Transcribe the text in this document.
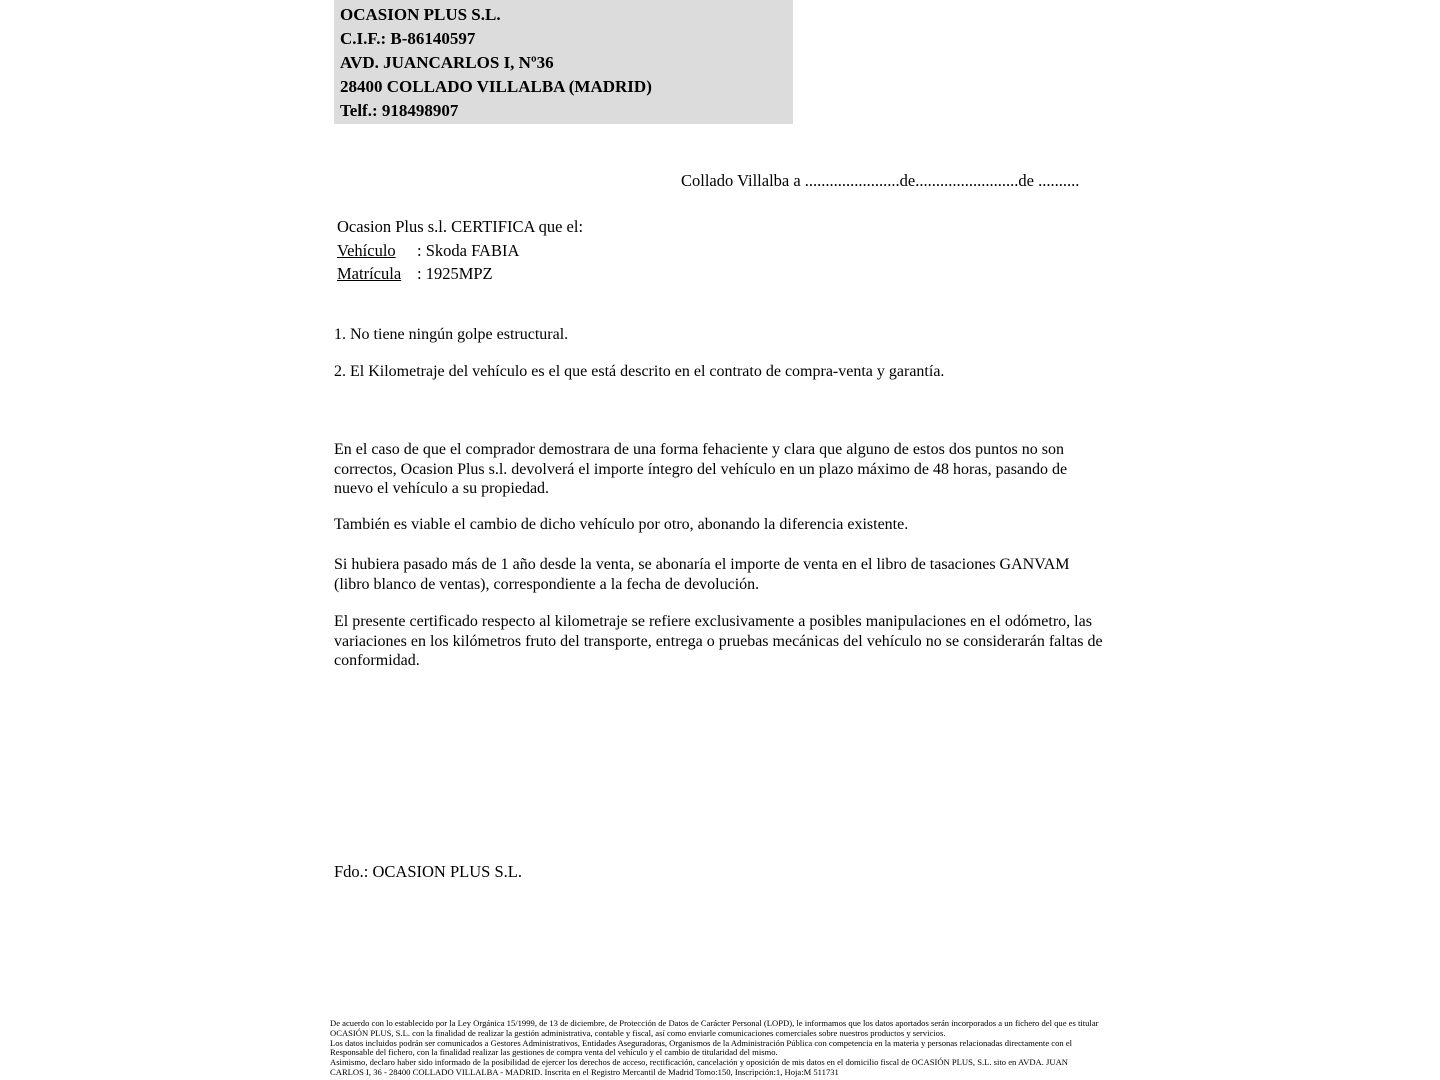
OCASION PLUS S.L.
C.I.F.: B-86140597
AVD. JUANCARLOS I, Nº36
28400 COLLADO VILLALBA (MADRID)
Telf.: 918498907
Collado Villalba a .......................de.........................de ..........
Ocasion Plus s.l. CERTIFICA que el:
Vehículo : Skoda FABIA
Matrícula : 1925MPZ
1. No tiene ningún golpe estructural.
2. El Kilometraje del vehículo es el que está descrito en el contrato de compra-venta y garantía.
En el caso de que el comprador demostrara de una forma fehaciente y clara que alguno de estos dos puntos no son correctos, Ocasion Plus s.l. devolverá el importe íntegro del vehículo en un plazo máximo de 48 horas, pasando de nuevo el vehículo a su propiedad.
También es viable el cambio de dicho vehículo por otro, abonando la diferencia existente.
Si hubiera pasado más de 1 año desde la venta, se abonaría el importe de venta en el libro de tasaciones GANVAM (libro blanco de ventas), correspondiente a la fecha de devolución.
El presente certificado respecto al kilometraje se refiere exclusivamente a posibles manipulaciones en el odómetro, las variaciones en los kilómetros fruto del transporte, entrega o pruebas mecánicas del vehículo no se considerarán faltas de conformidad.
Fdo.: OCASION PLUS S.L.
De acuerdo con lo establecido por la Ley Orgánica 15/1999, de 13 de diciembre, de Protección de Datos de Carácter Personal (LOPD), le informamos que los datos aportados serán incorporados a un fichero del que es titular
OCASIÓN PLUS, S.L. con la finalidad de realizar la gestión administrativa, contable y fiscal, así como enviarle comunicaciones comerciales sobre nuestros productos y servicios.
Los datos incluidos podrán ser comunicados a Gestores Administrativos, Entidades Aseguradoras, Organismos de la Administración Pública con competencia en la materia y personas relacionadas directamente con el
Responsable del fichero, con la finalidad realizar las gestiones de compra venta del vehículo y el cambio de titularidad del mismo.
Asimismo, declaro haber sido informado de la posibilidad de ejercer los derechos de acceso, rectificación, cancelación y oposición de mis datos en el domicilio fiscal de OCASIÓN PLUS, S.L. sito en AVDA. JUAN
CARLOS I, 36 - 28400 COLLADO VILLALBA - MADRID. Inscrita en el Registro Mercantil de Madrid Tomo:150, Inscripción:1, Hoja:M 511731
